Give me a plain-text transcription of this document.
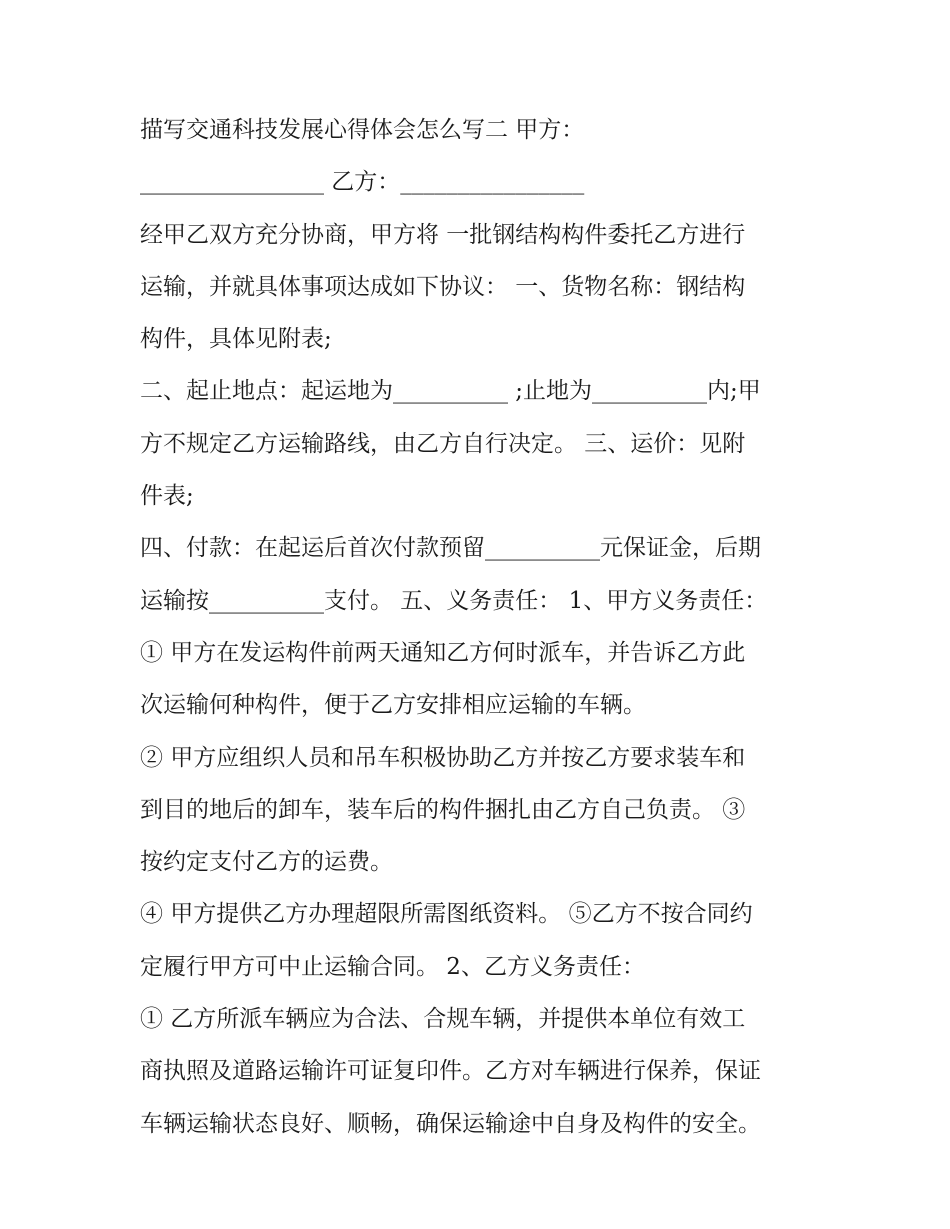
描写交通科技发展心得体会怎么写二 甲方：
________________ 乙方：________________
经甲乙双方充分协商，甲方将 一批钢结构构件委托乙方进行
运输，并就具体事项达成如下协议： 一、货物名称：钢结构
构件，具体见附表;
二、起止地点：起运地为__________ ;止地为__________内;甲
方不规定乙方运输路线，由乙方自行决定。 三、运价：见附
件表;
四、付款：在起运后首次付款预留__________元保证金，后期
运输按__________支付。 五、义务责任： 1、甲方义务责任：
① 甲方在发运构件前两天通知乙方何时派车，并告诉乙方此
次运输何种构件，便于乙方安排相应运输的车辆。
② 甲方应组织人员和吊车积极协助乙方并按乙方要求装车和
到目的地后的卸车，装车后的构件捆扎由乙方自己负责。 ③
按约定支付乙方的运费。
④ 甲方提供乙方办理超限所需图纸资料。 ⑤乙方不按合同约
定履行甲方可中止运输合同。 2、乙方义务责任：
① 乙方所派车辆应为合法、合规车辆，并提供本单位有效工
商执照及道路运输许可证复印件。乙方对车辆进行保养，保证
车辆运输状态良好、顺畅，确保运输途中自身及构件的安全。
